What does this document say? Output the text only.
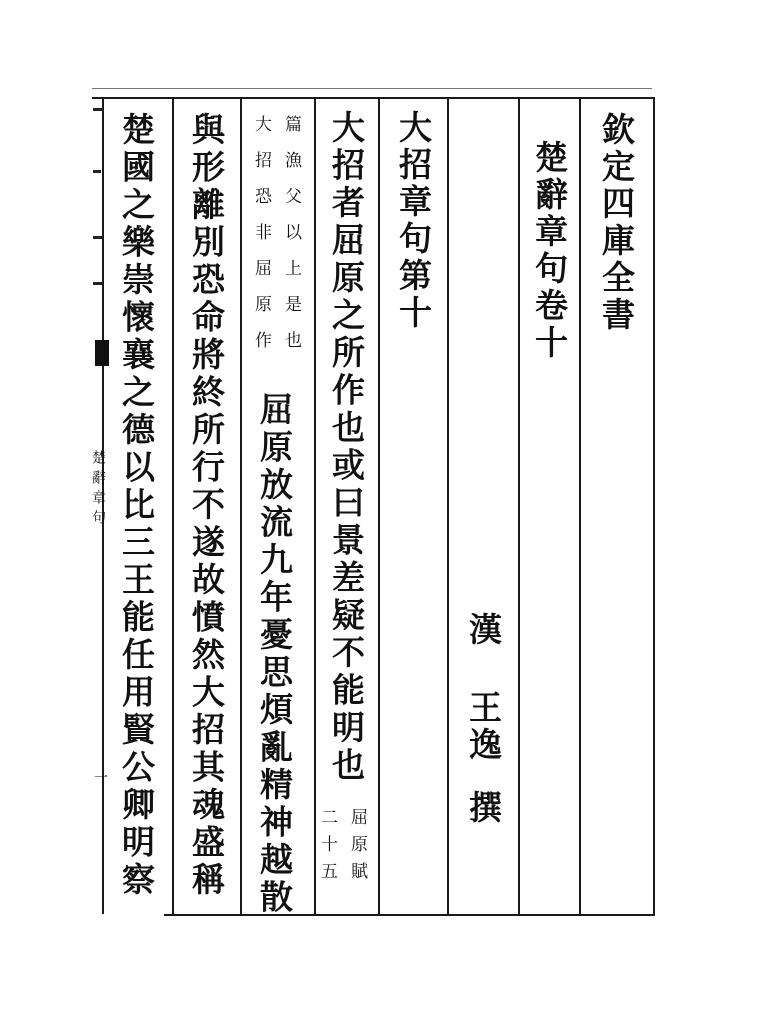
欽定四庫全書
楚辭章句卷十
漢
王逸
撰
大招章句第十
大招者屈原之所作也或曰景差疑不能明也
屈原賦
二十五
篇漁父以上是也
大招恐非屈原作
屈原放流九年憂思煩亂精神越散
與形離別恐命將終所行不遂故憤然大招其魂盛稱
楚國之樂崇懷襄之德以比三王能任用賢公卿明察
楚辭章句
一
